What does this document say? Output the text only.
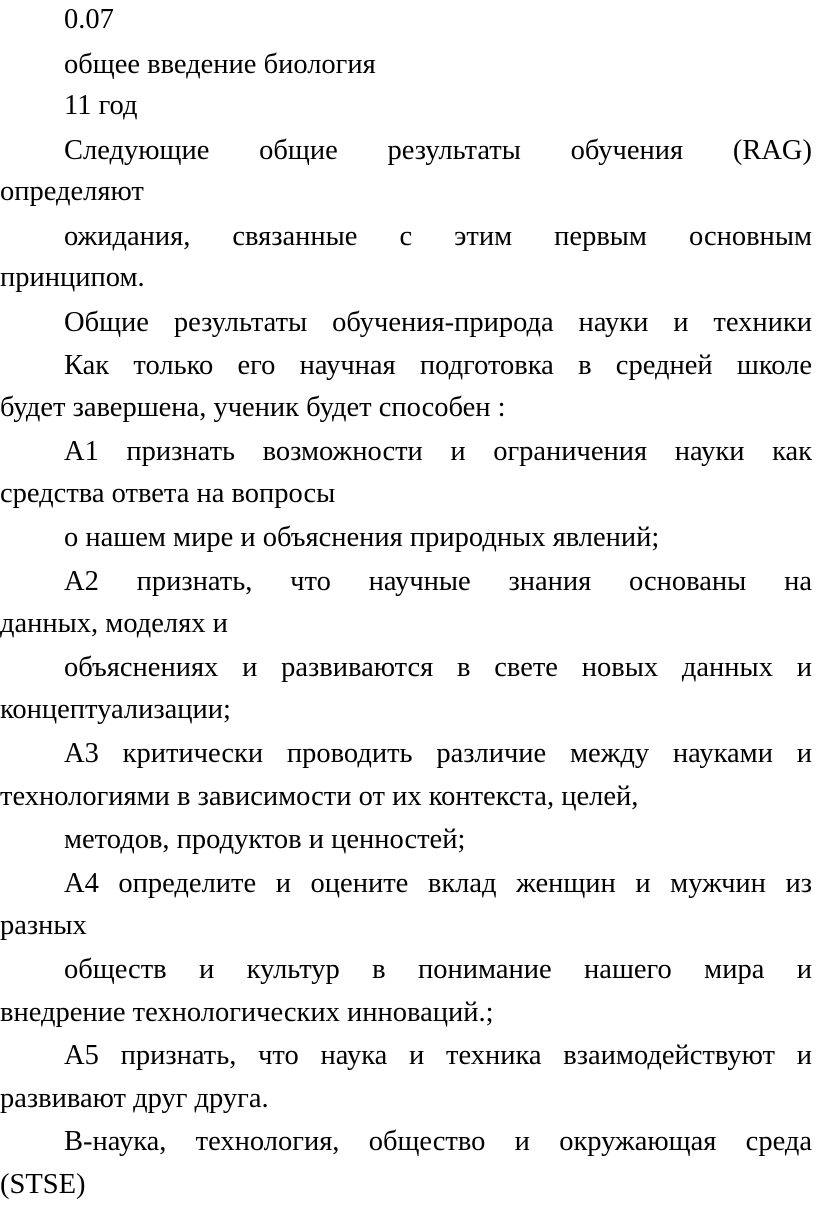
0.07
общее введение биология
11 год
Следующие общие результаты обучения (RAG)
определяют
ожидания, связанные с этим первым основным
принципом.
Общие результаты обучения-природа науки и техники
Как только его научная подготовка в средней школе
будет завершена, ученик будет способен :
A1 признать возможности и ограничения науки как
средства ответа на вопросы
о нашем мире и объяснения природных явлений;
A2 признать, что научные знания основаны на
данных, моделях и
объяснениях и развиваются в свете новых данных и
концептуализации;
A3 критически проводить различие между науками и
технологиями в зависимости от их контекста, целей,
методов, продуктов и ценностей;
A4 определите и оцените вклад женщин и мужчин из
разных
обществ и культур в понимание нашего мира и
внедрение технологических инноваций.;
A5 признать, что наука и техника взаимодействуют и
развивают друг друга.
B-наука, технология, общество и окружающая среда
(STSE)
